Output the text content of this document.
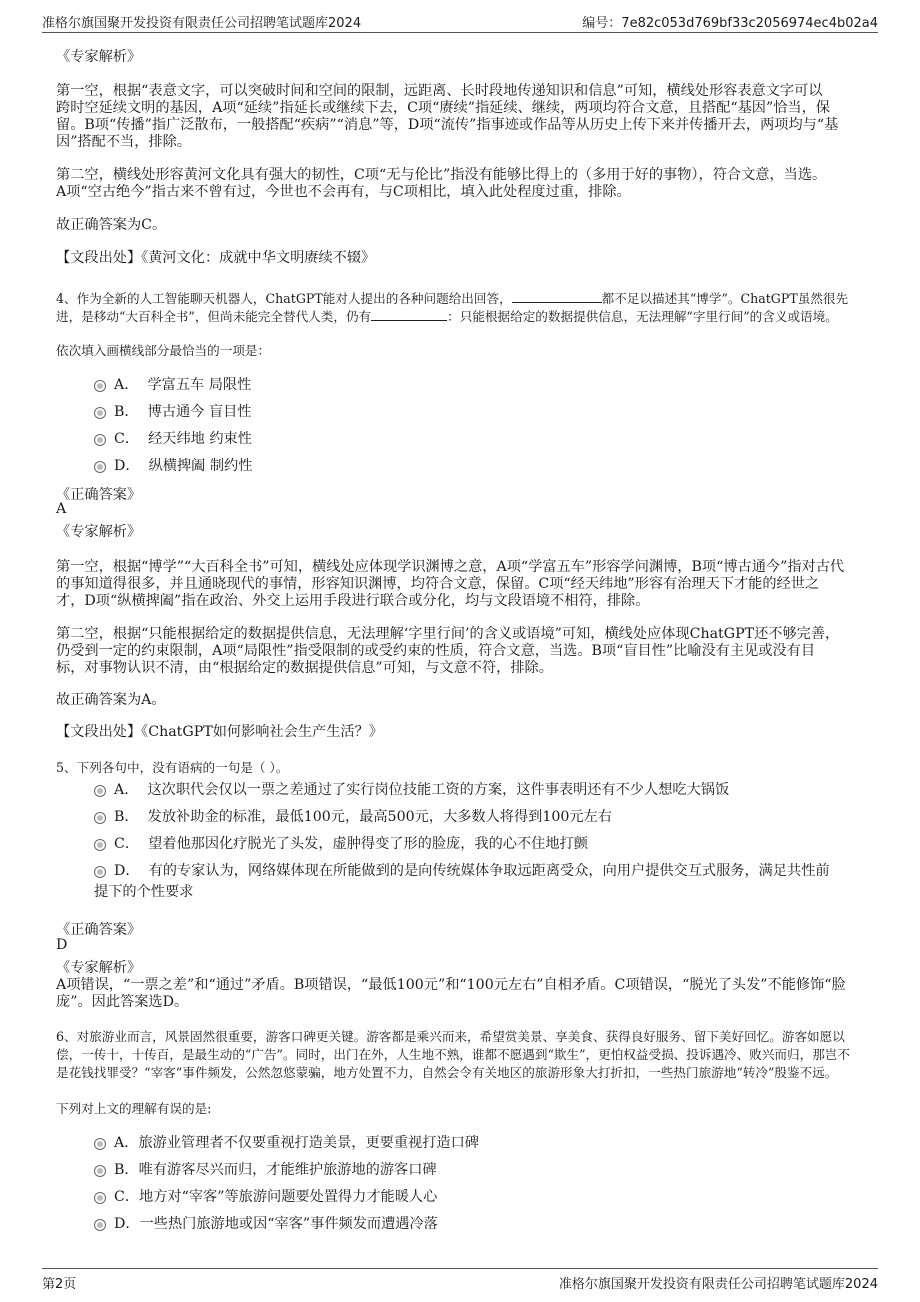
准格尔旗国聚开发投资有限责任公司招聘笔试题库2024	编号：7e82c053d769bf33c2056974ec4b02a4
《专家解析》
第一空，根据“表意文字，可以突破时间和空间的限制，远距离、长时段地传递知识和信息”可知，横线处形容表意文字可以
跨时空延续文明的基因，A项“延续”指延长或继续下去，C项“赓续”指延续、继续，两项均符合文意，且搭配“基因”恰当，保
留。B项“传播”指广泛散布，一般搭配“疾病”“消息”等，D项“流传”指事迹或作品等从历史上传下来并传播开去，两项均与“基
因”搭配不当，排除。
第二空，横线处形容黄河文化具有强大的韧性，C项“无与伦比”指没有能够比得上的（多用于好的事物），符合文意，当选。
A项“空古绝今”指古来不曾有过，今世也不会再有，与C项相比，填入此处程度过重，排除。
故正确答案为C。
【文段出处】《黄河文化：成就中华文明赓续不辍》
4、作为全新的人工智能聊天机器人，ChatGPT能对人提出的各种问题给出回答，	都不足以描述其“博学”。ChatGPT虽然很先
进，是移动“大百科全书”，但尚未能完全替代人类，仍有	：只能根据给定的数据提供信息，无法理解“字里行间”的含义或语境。
依次填入画横线部分最恰当的一项是：
A． 学富五车 局限性
B． 博古通今 盲目性
C． 经天纬地 约束性
D． 纵横捭阖 制约性
《正确答案》
A
《专家解析》
第一空，根据“博学”“大百科全书”可知，横线处应体现学识渊博之意，A项“学富五车”形容学问渊博，B项“博古通今”指对古代
的事知道得很多，并且通晓现代的事情，形容知识渊博，均符合文意，保留。C项“经天纬地”形容有治理天下才能的经世之
才，D项“纵横捭阖”指在政治、外交上运用手段进行联合或分化，均与文段语境不相符，排除。
第二空，根据“只能根据给定的数据提供信息，无法理解‘字里行间’的含义或语境”可知，横线处应体现ChatGPT还不够完善，
仍受到一定的约束限制，A项“局限性”指受限制的或受约束的性质，符合文意，当选。B项“盲目性”比喻没有主见或没有目
标，对事物认识不清，由“根据给定的数据提供信息”可知，与文意不符，排除。
故正确答案为A。
【文段出处】《ChatGPT如何影响社会生产生活？》
5、下列各句中，没有语病的一句是（ ）。
A． 这次职代会仅以一票之差通过了实行岗位技能工资的方案，这件事表明还有不少人想吃大锅饭
B． 发放补助金的标准，最低100元，最高500元，大多数人将得到100元左右
C． 望着他那因化疗脱光了头发，虚肿得变了形的脸庞，我的心不住地打颤
D． 有的专家认为，网络媒体现在所能做到的是向传统媒体争取远距离受众，向用户提供交互式服务，满足共性前
提下的个性要求
《正确答案》
D
《专家解析》
A项错误，“一票之差”和“通过”矛盾。B项错误，“最低100元”和“100元左右”自相矛盾。C项错误，“脱光了头发”不能修饰“脸
庞”。因此答案选D。
6、对旅游业而言，风景固然很重要，游客口碑更关键。游客都是乘兴而来，希望赏美景、享美食、获得良好服务、留下美好回忆。游客如愿以
偿，一传十，十传百，是最生动的“广告”。同时，出门在外，人生地不熟，谁都不愿遇到“欺生”，更怕权益受损、投诉遇冷、败兴而归，那岂不
是花钱找罪受？“宰客”事件频发，公然忽悠蒙骗，地方处置不力，自然会令有关地区的旅游形象大打折扣，一些热门旅游地“转冷”殷鉴不远。
下列对上文的理解有误的是:
A．旅游业管理者不仅要重视打造美景，更要重视打造口碑
B．唯有游客尽兴而归，才能维护旅游地的游客口碑
C．地方对“宰客”等旅游问题要处置得力才能暖人心
D．一些热门旅游地或因“宰客”事件频发而遭遇冷落
第2页	准格尔旗国聚开发投资有限责任公司招聘笔试题库2024
